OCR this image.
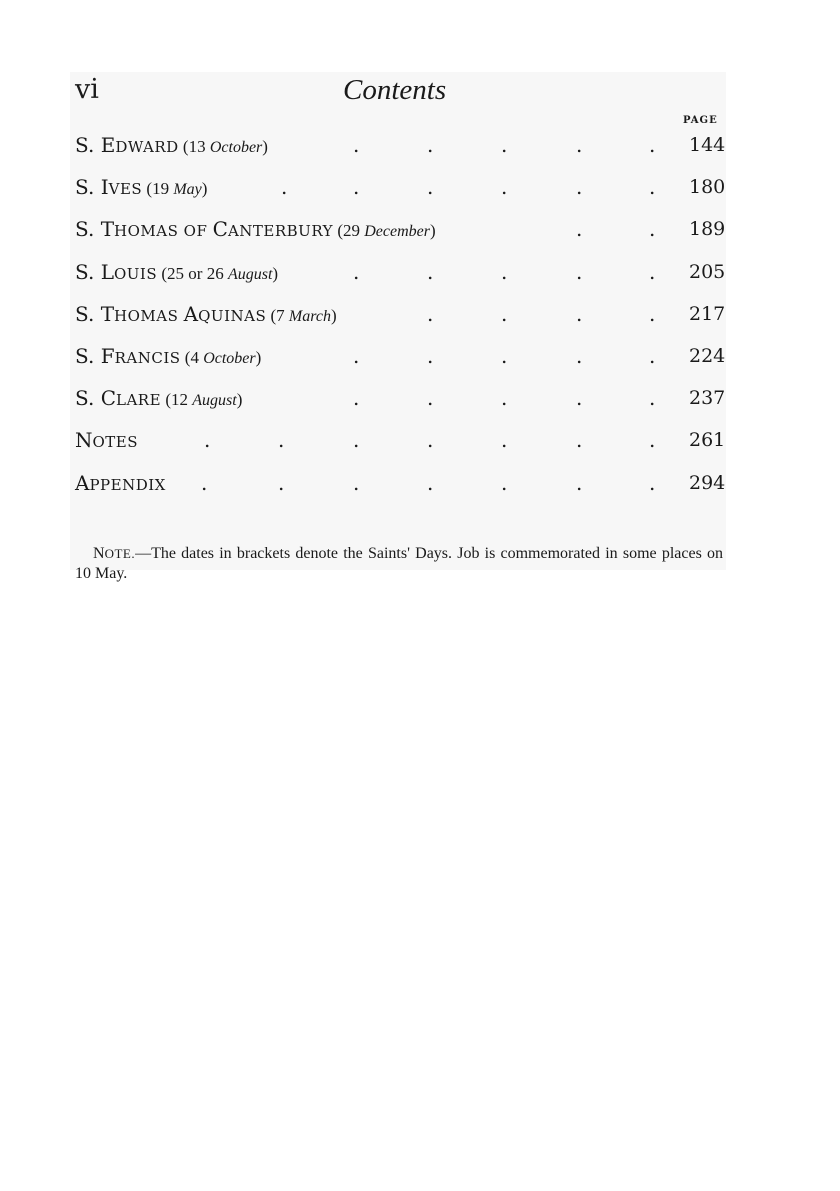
vi	Contents
PAGE
S. EDWARD (13 October)	.	.	.	.	. 144
S. IVES (19 May)	.	.	.	.	.	. 180
S. THOMAS OF CANTERBURY (29 December)	.	. 189
S. LOUIS (25 or 26 August)	.	.	.	.	. 205
S. THOMAS AQUINAS (7 March)	.	.	.	. 217
S. FRANCIS (4 October)	.	.	.	.	. 224
S. CLARE (12 August)	.	.	.	.	. 237
NOTES	.	.	.	.	.	.	. 261
APPENDIX .	.	.	.	.	.	. 294

NOTE.—The dates in brackets denote the Saints' Days. Job is commemorated in some places on 10 May.
